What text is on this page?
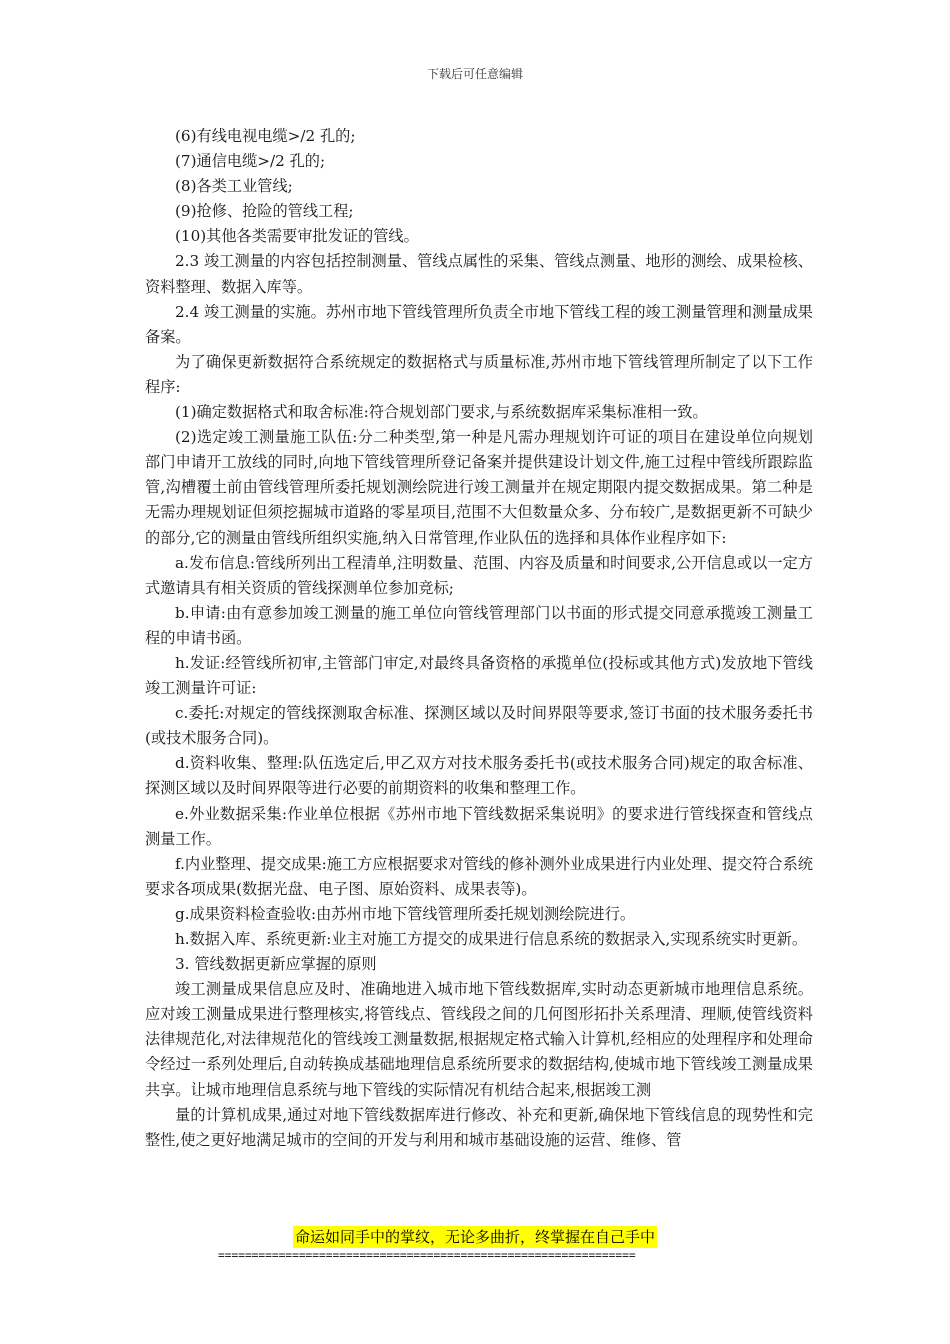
下载后可任意编辑

(6)有线电视电缆>/2 孔的;

(7)通信电缆>/2 孔的;

(8)各类工业管线;

(9)抢修、抢险的管线工程;

(10)其他各类需要审批发证的管线。

2.3 竣工测量的内容包括控制测量、管线点属性的采集、管线点测量、地形的测绘、成果检核、资料整理、数据入库等。

2.4 竣工测量的实施。苏州市地下管线管理所负责全市地下管线工程的竣工测量管理和测量成果备案。

为了确保更新数据符合系统规定的数据格式与质量标准,苏州市地下管线管理所制定了以下工作程序:

(1)确定数据格式和取舍标准:符合规划部门要求,与系统数据库采集标准相一致。

(2)选定竣工测量施工队伍:分二种类型,第一种是凡需办理规划许可证的项目在建设单位向规划部门申请开工放线的同时,向地下管线管理所登记备案并提供建设计划文件,施工过程中管线所跟踪监管,沟槽覆土前由管线管理所委托规划测绘院进行竣工测量并在规定期限内提交数据成果。第二种是无需办理规划证但须挖掘城市道路的零星项目,范围不大但数量众多、分布较广,是数据更新不可缺少的部分,它的测量由管线所组织实施,纳入日常管理,作业队伍的选择和具体作业程序如下:

a.发布信息:管线所列出工程清单,注明数量、范围、内容及质量和时间要求,公开信息或以一定方式邀请具有相关资质的管线探测单位参加竞标;

b.申请:由有意参加竣工测量的施工单位向管线管理部门以书面的形式提交同意承揽竣工测量工程的申请书函。

h.发证:经管线所初审,主管部门审定,对最终具备资格的承揽单位(投标或其他方式)发放地下管线竣工测量许可证:

c.委托:对规定的管线探测取舍标准、探测区域以及时间界限等要求,签订书面的技术服务委托书(或技术服务合同)。

d.资料收集、整理:队伍选定后,甲乙双方对技术服务委托书(或技术服务合同)规定的取舍标准、探测区域以及时间界限等进行必要的前期资料的收集和整理工作。

e.外业数据采集:作业单位根据《苏州市地下管线数据采集说明》的要求进行管线探查和管线点测量工作。

f.内业整理、提交成果:施工方应根据要求对管线的修补测外业成果进行内业处理、提交符合系统要求各项成果(数据光盘、电子图、原始资料、成果表等)。

g.成果资料检查验收:由苏州市地下管线管理所委托规划测绘院进行。

h.数据入库、系统更新:业主对施工方提交的成果进行信息系统的数据录入,实现系统实时更新。

3. 管线数据更新应掌握的原则

竣工测量成果信息应及时、准确地进入城市地下管线数据库,实时动态更新城市地理信息系统。应对竣工测量成果进行整理核实,将管线点、管线段之间的几何图形拓扑关系理清、理顺,使管线资料法律规范化,对法律规范化的管线竣工测量数据,根据规定格式输入计算机,经相应的处理程序和处理命令经过一系列处理后,自动转换成基础地理信息系统所要求的数据结构,使城市地下管线竣工测量成果共享。让城市地理信息系统与地下管线的实际情况有机结合起来,根据竣工测

量的计算机成果,通过对地下管线数据库进行修改、补充和更新,确保地下管线信息的现势性和完整性,使之更好地满足城市的空间的开发与利用和城市基础设施的运营、维修、管

命运如同手中的掌纹，无论多曲折，终掌握在自己手中
==============================================================
